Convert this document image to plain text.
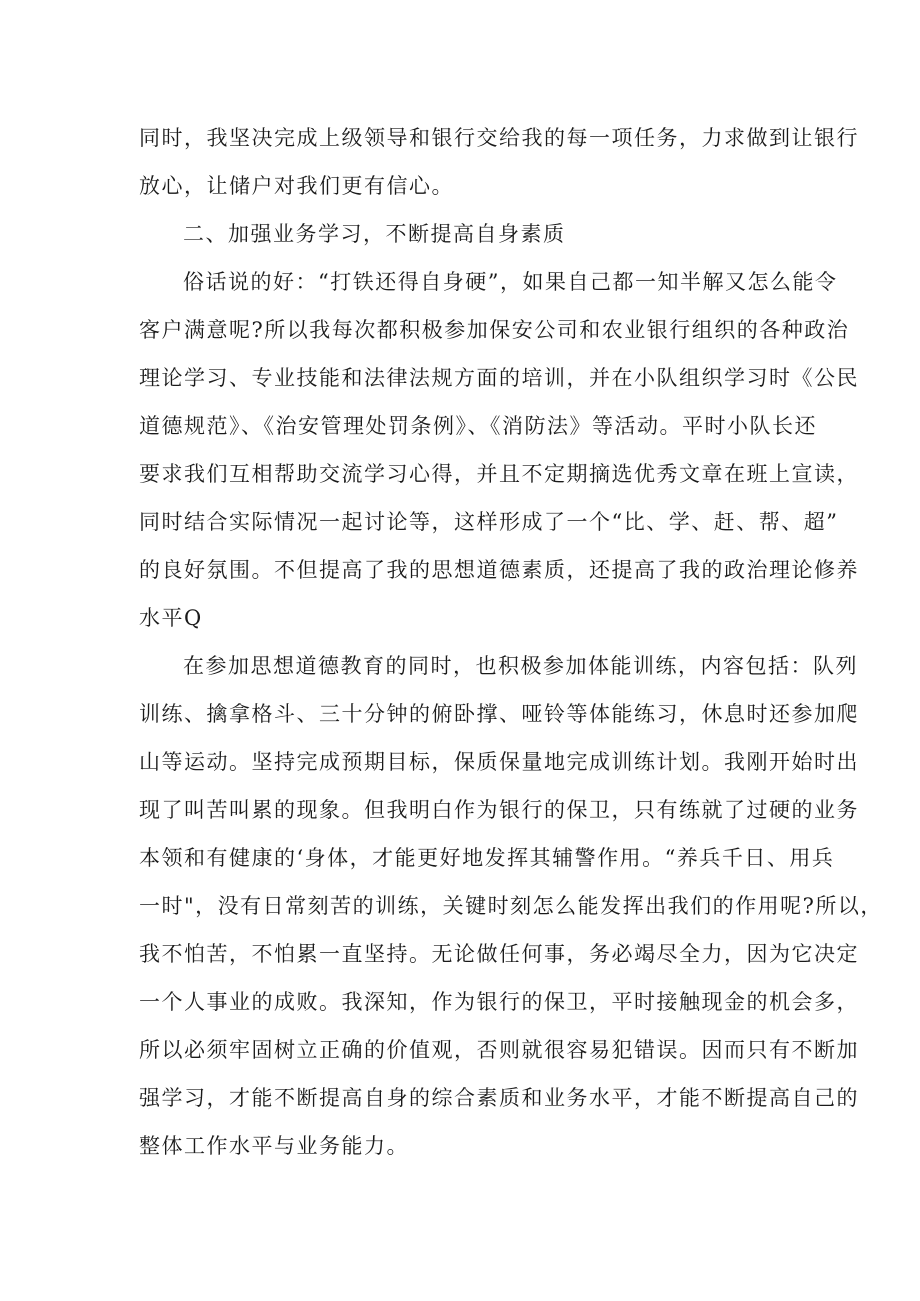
同时，我坚决完成上级领导和银行交给我的每一项任务，力求做到让银行
放心，让储户对我们更有信心。
二、加强业务学习，不断提高自身素质
俗话说的好：“打铁还得自身硬”，如果自己都一知半解又怎么能令
客户满意呢?所以我每次都积极参加保安公司和农业银行组织的各种政治
理论学习、专业技能和法律法规方面的培训，并在小队组织学习时《公民
道德规范》、《治安管理处罚条例》、《消防法》等活动。平时小队长还
要求我们互相帮助交流学习心得，并且不定期摘选优秀文章在班上宣读，
同时结合实际情况一起讨论等，这样形成了一个“比、学、赶、帮、超”
的良好氛围。不但提高了我的思想道德素质，还提高了我的政治理论修养
水平Q
在参加思想道德教育的同时，也积极参加体能训练，内容包括：队列
训练、擒拿格斗、三十分钟的俯卧撑、哑铃等体能练习，休息时还参加爬
山等运动。坚持完成预期目标，保质保量地完成训练计划。我刚开始时出
现了叫苦叫累的现象。但我明白作为银行的保卫，只有练就了过硬的业务
本领和有健康的‘身体，才能更好地发挥其辅警作用。“养兵千日、用兵
一时"，没有日常刻苦的训练，关键时刻怎么能发挥出我们的作用呢?所以，
我不怕苦，不怕累一直坚持。无论做任何事，务必竭尽全力，因为它决定
一个人事业的成败。我深知，作为银行的保卫，平时接触现金的机会多，
所以必须牢固树立正确的价值观，否则就很容易犯错误。因而只有不断加
强学习，才能不断提高自身的综合素质和业务水平，才能不断提高自己的
整体工作水平与业务能力。
